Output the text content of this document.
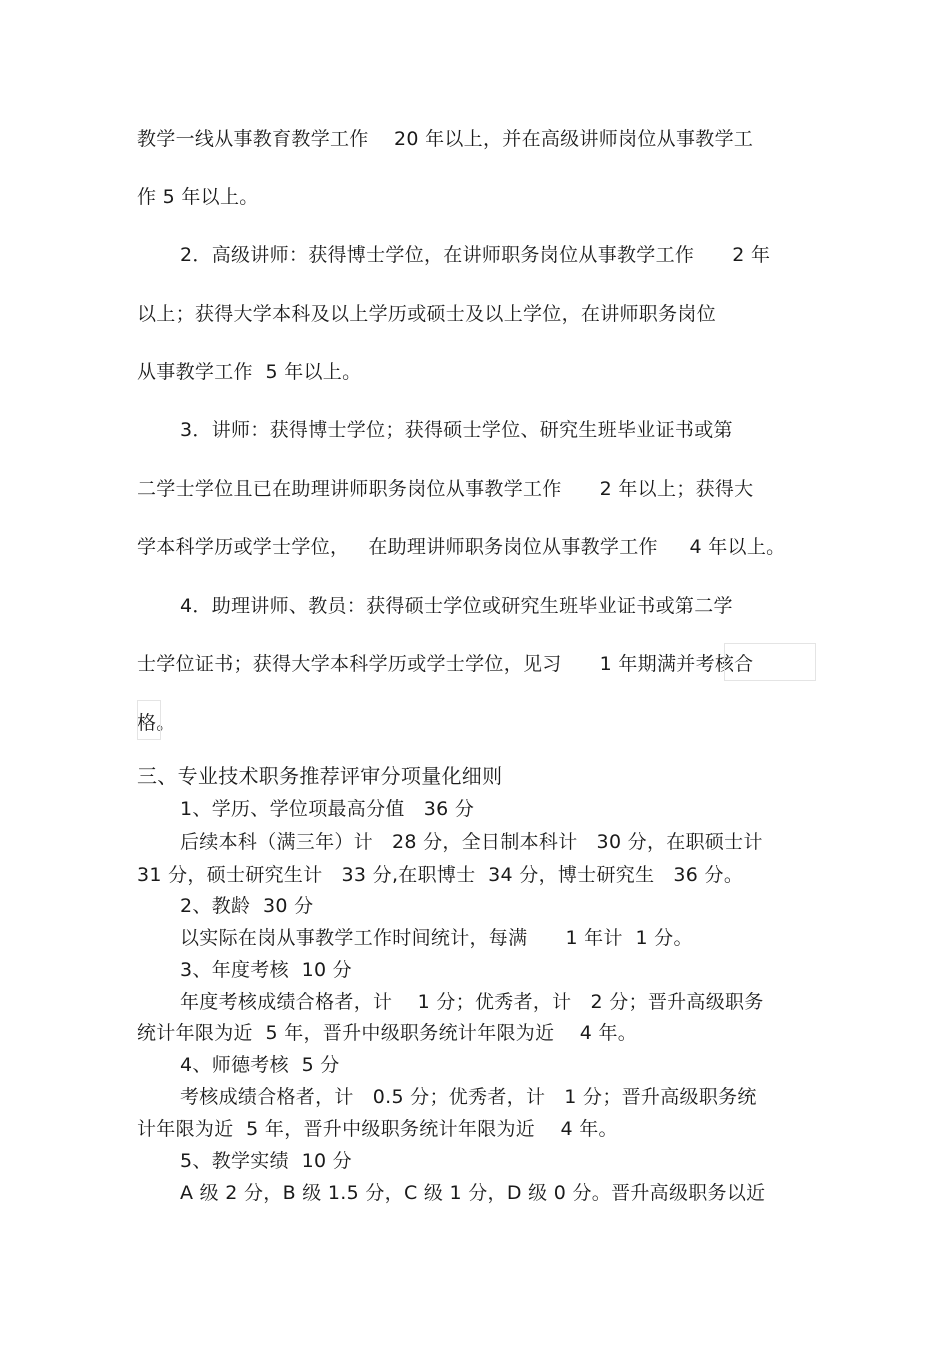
教学一线从事教育教学工作    20 年以上，并在高级讲师岗位从事教学工
作 5 年以上。
2．高级讲师：获得博士学位，在讲师职务岗位从事教学工作      2 年
以上；获得大学本科及以上学历或硕士及以上学位，在讲师职务岗位
从事教学工作  5 年以上。
3．讲师：获得博士学位；获得硕士学位、研究生班毕业证书或第
二学士学位且已在助理讲师职务岗位从事教学工作      2 年以上；获得大
学本科学历或学士学位，   在助理讲师职务岗位从事教学工作     4 年以上。
4．助理讲师、教员：获得硕士学位或研究生班毕业证书或第二学
士学位证书；获得大学本科学历或学士学位，见习      1 年期满并考核合
格。
三、专业技术职务推荐评审分项量化细则
1、学历、学位项最高分值   36 分
后续本科（满三年）计   28 分，全日制本科计   30 分，在职硕士计
31 分，硕士研究生计   33 分,在职博士  34 分，博士研究生   36 分。
2、教龄  30 分
以实际在岗从事教学工作时间统计，每满      1 年计  1 分。
3、年度考核  10 分
年度考核成绩合格者，计    1 分；优秀者，计   2 分；晋升高级职务
统计年限为近  5 年，晋升中级职务统计年限为近    4 年。
4、师德考核  5 分
考核成绩合格者，计   0.5 分；优秀者，计   1 分；晋升高级职务统
计年限为近  5 年，晋升中级职务统计年限为近    4 年。
5、教学实绩  10 分
A 级 2 分，B 级 1.5 分，C 级 1 分，D 级 0 分。晋升高级职务以近
